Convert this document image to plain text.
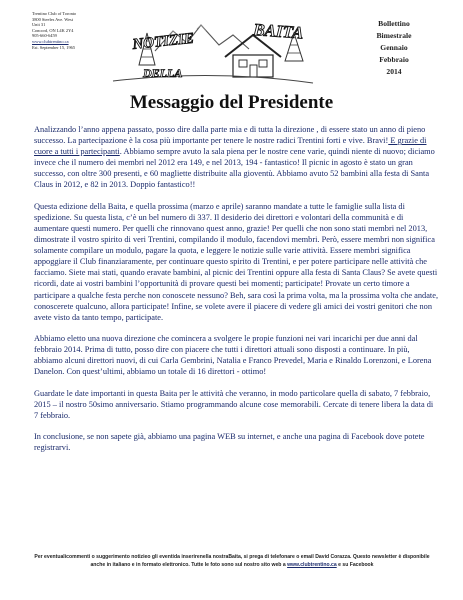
Trentino Club of Toronto
3800 Steeles Ave. West
Unit 31
Concord, ON L4K 2Y4
905-660-6459
www.clubtrentino.ca
Est. September 15, 1965	NOTIZIE
DELLA
BAITA	Bollettino
Bimestrale
Gennaio
Febbraio
2014
Messaggio del Presidente

Analizzando l’anno appena passato, posso dire dalla parte mia e di tutta la direzione , di essere stato un anno di pieno successo. La partecipazione è la cosa più importante per tenere le nostre radici Trentini forti e vive. Bravi! E grazie di cuore a tutti i partecipanti. Abbiamo sempre avuto la sala piena per le nostre cene varie, quindi niente di nuovo; diciamo invece che il numero dei membri nel 2012 era 149, e nel 2013, 194 - fantastico! Il picnic in agosto è stato un gran successo, con oltre 300 presenti, e 60 magliette distribuite alla gioventù. Abbiamo avuto 52 bambini alla festa di Santa Claus in 2012, e 82 in 2013. Doppio fantastico!!

Questa edizione della Baita, e quella prossima (marzo e aprile) saranno mandate a tutte le famiglie sulla lista di spedizione. Su questa lista, c’è un bel numero di 337. Il desiderio dei direttori e volontari della communità e di aumentare questi numero. Per quelli che rinnovano quest anno, grazie! Per quelli che non sono stati membri nel 2013, dimostrate il vostro spirito di veri Trentini, compilando il modulo, facendovi membri. Però, essere membri non significa solamente compilare un modulo, pagare la quota, e leggere le notizie sulle varie attività. Essere membri significa appoggiare il Club finanziaramente, per continuare questo spirito di Trentini, e per potere participare nelle attività che facciamo. Siete mai stati, quando eravate bambini, al picnic dei Trentini oppure alla festa di Santa Claus? Se avete questi ricordi, date ai vostri bambini l’opportunità di provare questi bei momenti; participate! Provate un certo timore a participare a qualche festa perche non conoscete nessuno? Beh, sara così la prima volta, ma la prossima volta che andate, conoscerete qualcuno, allora participate! Infine, se volete avere il piacere di vedere gli amici dei vostri genitori che non avete visto da tanto tempo, participate.

Abbiamo eletto una nuova direzione che comincera a svolgere le propie funzioni nei vari incarichi per due anni dal febbraio 2014. Prima di tutto, posso dire con piacere che tutti i direttori attuali sono disposti a continuare. In più, abbiamo alcuni direttori nuovi, di cui Carla Gembrini, Natalia e Franco Prevedel, Maria e Rinaldo Lorenzoni, e Lorena Danelon. Con quest’ultimi, abbiamo un totale di 16 direttori - ottimo!

Guardate le date importanti in questa Baita per le attività che veranno, in modo particolare quella di sabato, 7 febbraio, 2015 – il nostro 50simo anniversario. Stiamo programmando alcune cose memorabili. Cercate di tenere libera la data di 7 febbraio.

In conclusione, se non sapete già, abbiamo una pagina WEB su internet, e anche una pagina di Facebook dove potete registrarvi.

Per eventualicommenti o suggerimento notizieo gli eventida inserirenella nostraBaita, si prega di telefonare o email David Corazza. Questo newsletter è disponibile anche in italiano e in formato elettronico. Tutte le foto sono sul nostro sito web a www.clubtrentino.ca e su Facebook
